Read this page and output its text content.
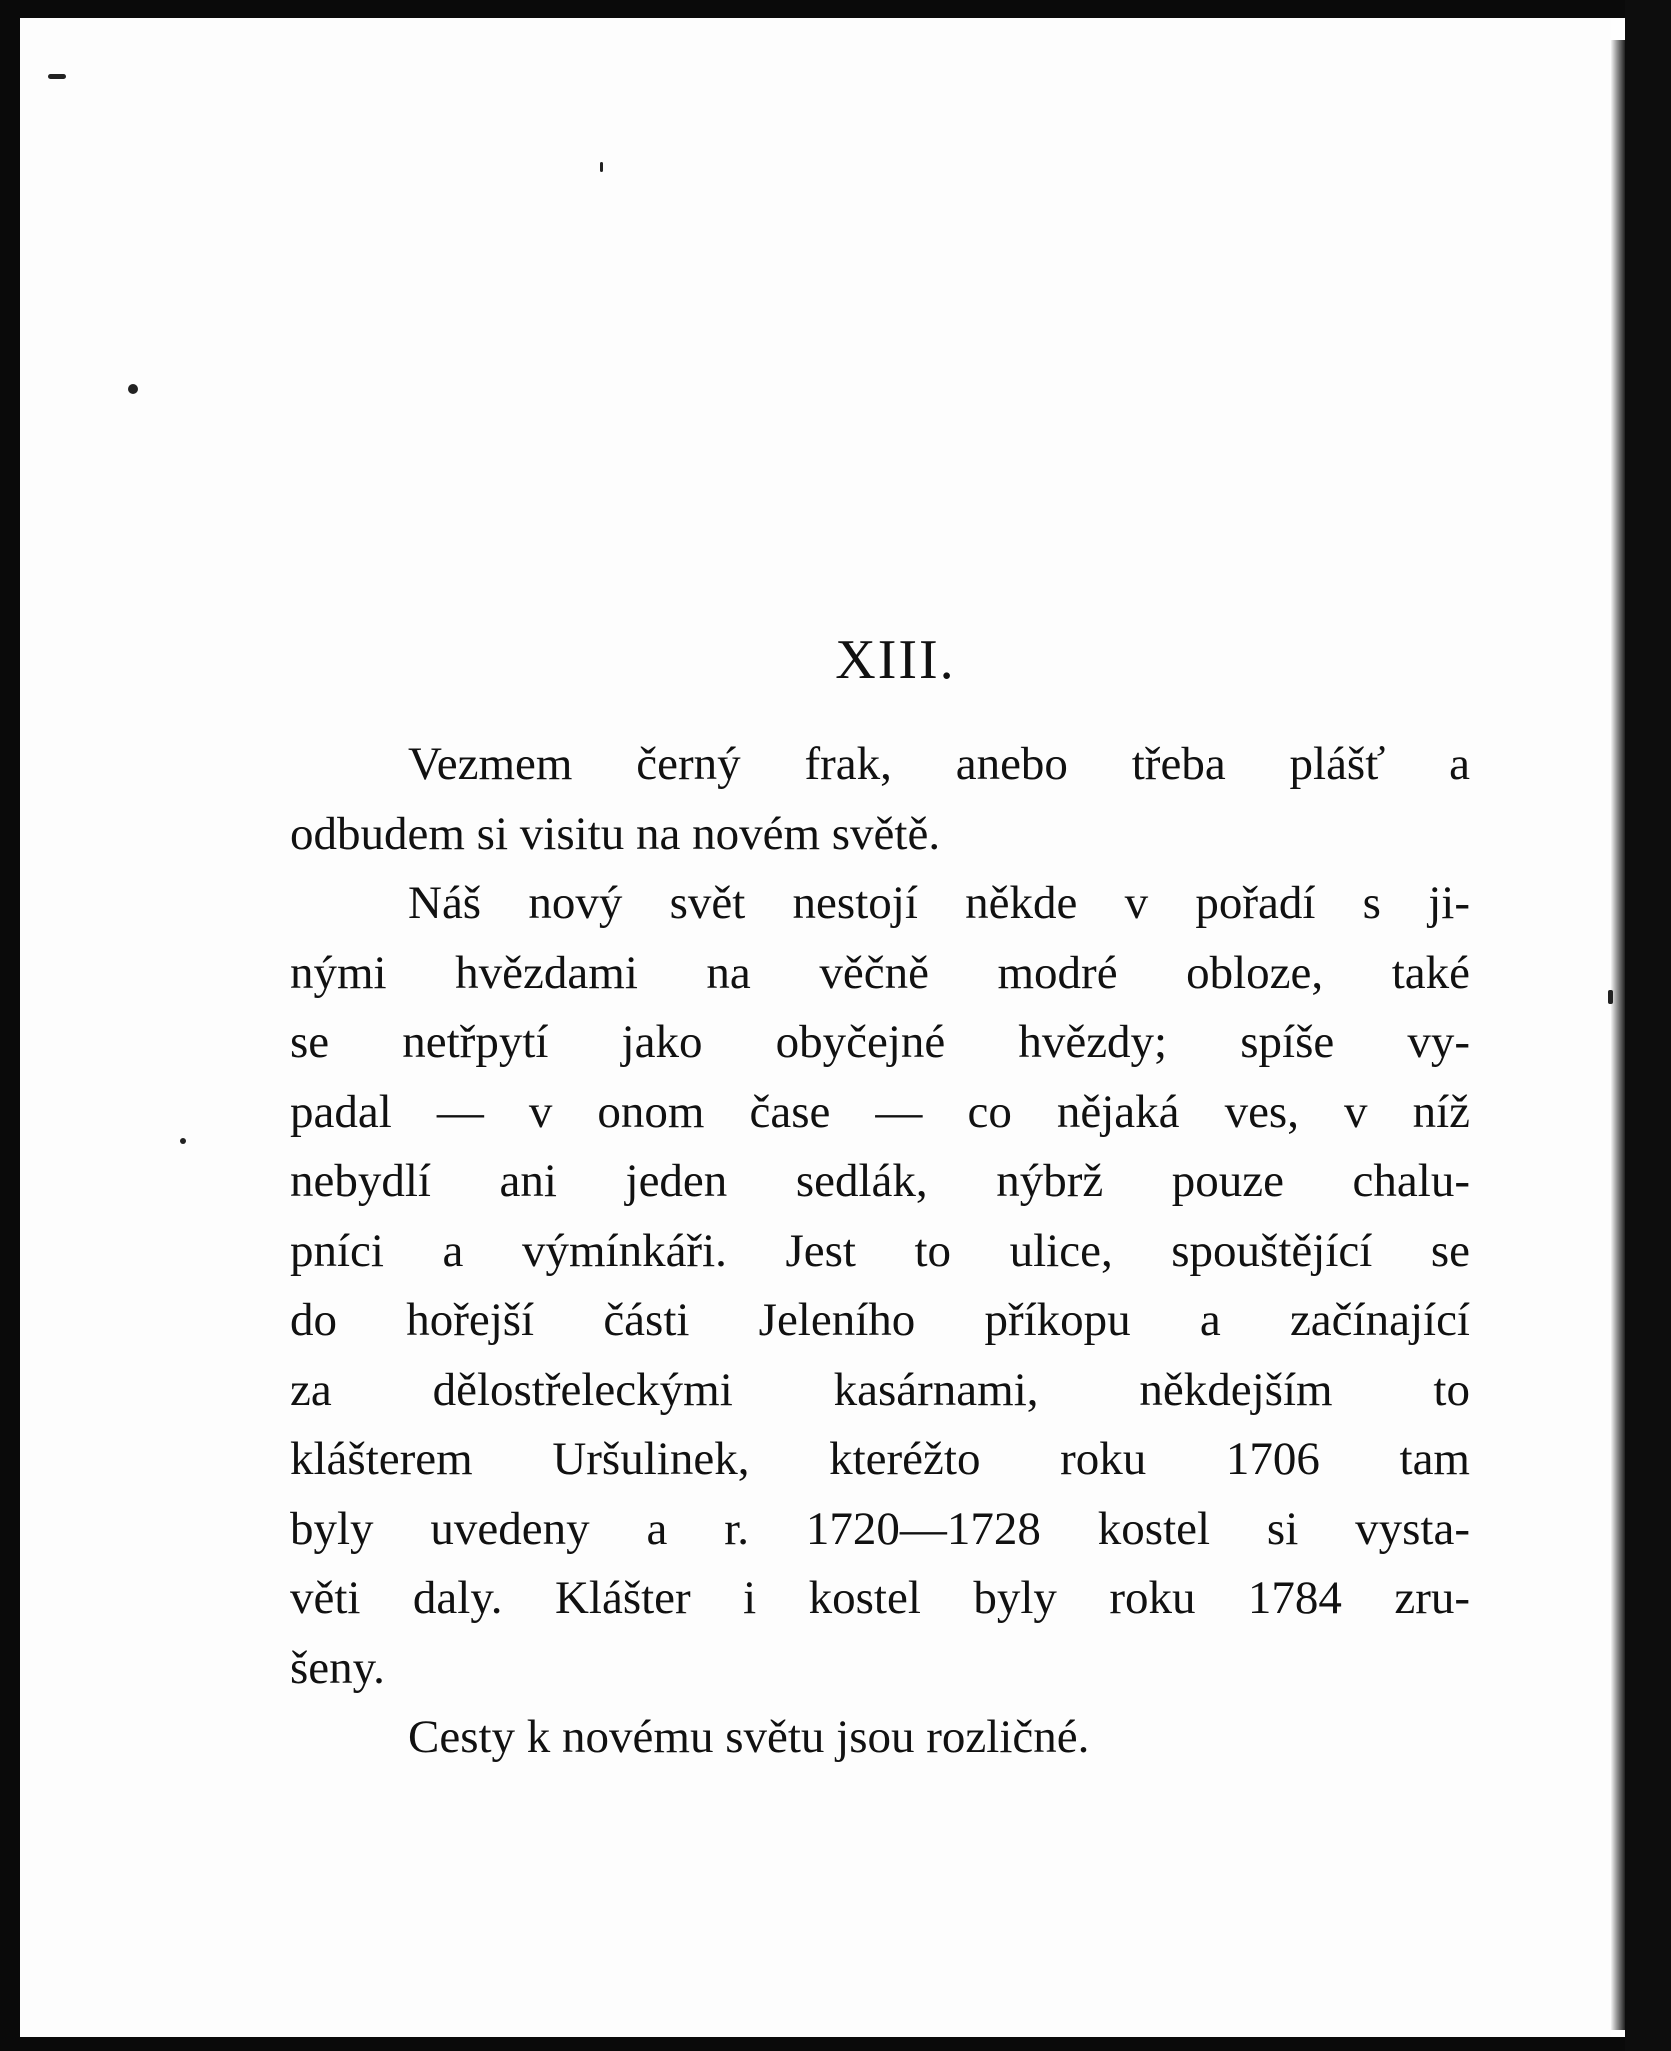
XIII.
Vezmem černý frak, anebo třeba plášť a
odbudem si visitu na novém světě.
Náš nový svět nestojí někde v pořadí s ji-
nými hvězdami na věčně modré obloze, také
se netřpytí jako obyčejné hvězdy; spíše vy-
padal — v onom čase — co nějaká ves, v níž
nebydlí ani jeden sedlák, nýbrž pouze chalu-
pníci a výmínkáři. Jest to ulice, spouštějící se
do hořejší části Jeleního příkopu a začínající
za dělostřeleckými kasárnami, někdejším to
klášterem Uršulinek, kteréžto roku 1706 tam
byly uvedeny a r. 1720—1728 kostel si vysta-
věti daly. Klášter i kostel byly roku 1784 zru-
šeny.
Cesty k novému světu jsou rozličné.
